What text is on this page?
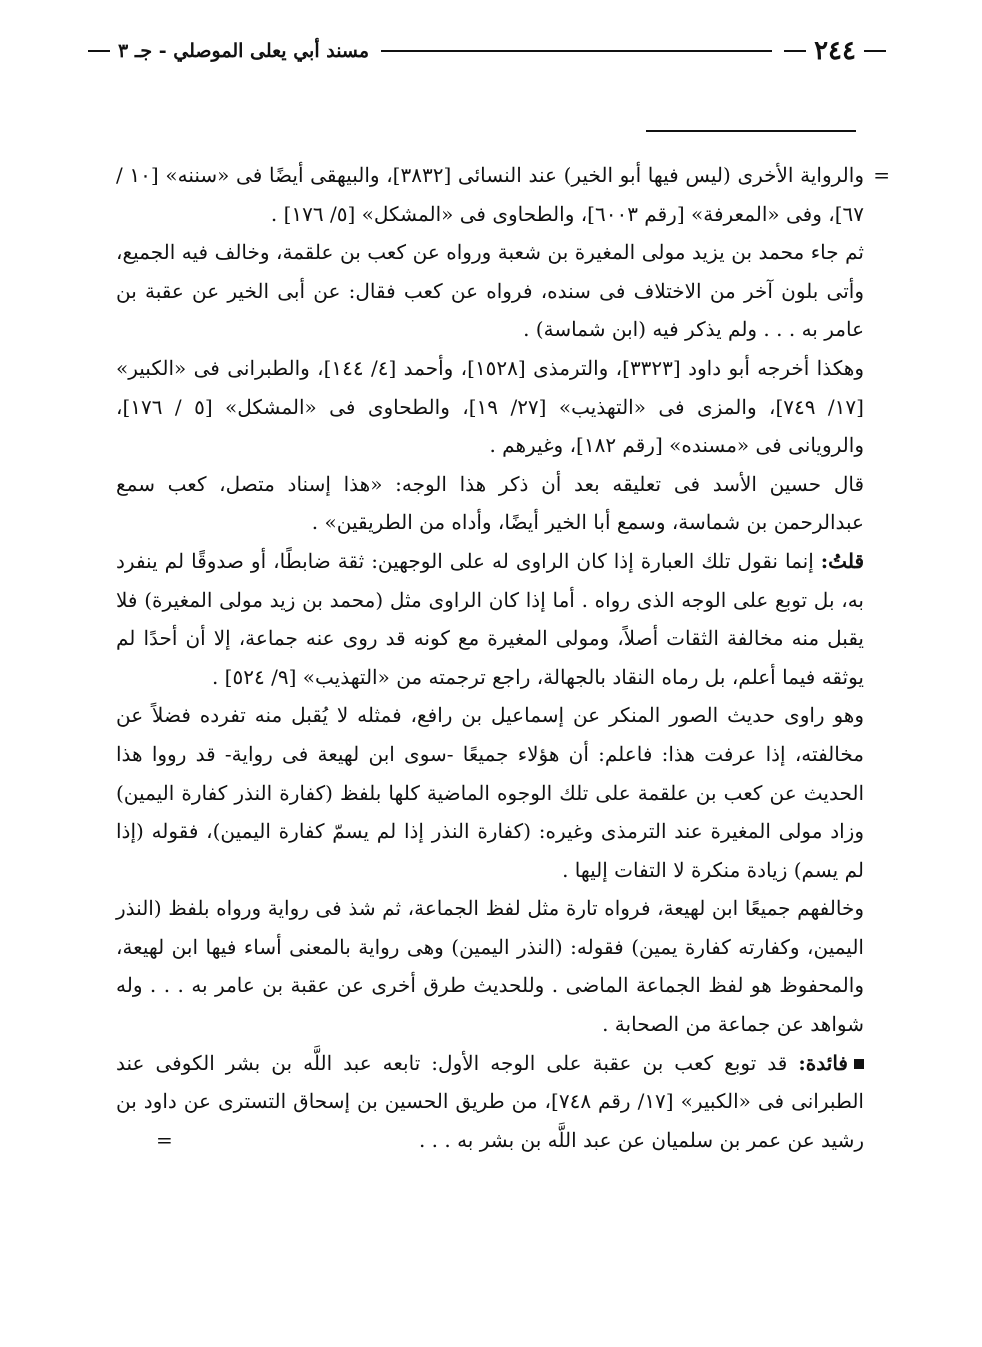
٢٤٤
مسند أبي يعلى الموصلي - جـ ٣

= والرواية الأخرى (ليس فيها أبو الخير) عند النسائى [٣٨٣٢]، والبيهقى أيضًا فى «سننه» [١٠ / ٦٧]، وفى «المعرفة» [رقم ٦٠٠٣]، والطحاوى فى «المشكل» [٥/ ١٧٦] .

ثم جاء محمد بن يزيد مولى المغيرة بن شعبة ورواه عن كعب بن علقمة، وخالف فيه الجميع، وأتى بلون آخر من الاختلاف فى سنده، فرواه عن كعب فقال: عن أبى الخير عن عقبة بن عامر به . . . ولم يذكر فيه (ابن شماسة) .

وهكذا أخرجه أبو داود [٣٣٢٣]، والترمذى [١٥٢٨]، وأحمد [٤/ ١٤٤]، والطبرانى فى «الكبير» [١٧/ ٧٤٩]، والمزى فى «التهذيب» [٢٧/ ١٩]، والطحاوى فى «المشكل» [٥ / ١٧٦]، والرويانى فى «مسنده» [رقم ١٨٢]، وغيرهم .

قال حسين الأسد فى تعليقه بعد أن ذكر هذا الوجه: «هذا إسناد متصل، كعب سمع عبدالرحمن بن شماسة، وسمع أبا الخير أيضًا، وأداه من الطريقين» .

قلتُ: إنما نقول تلك العبارة إذا كان الراوى له على الوجهين: ثقة ضابطًا، أو صدوقًا لم ينفرد به، بل توبع على الوجه الذى رواه . أما إذا كان الراوى مثل (محمد بن زيد مولى المغيرة) فلا يقبل منه مخالفة الثقات أصلاً، ومولى المغيرة مع كونه قد روى عنه جماعة، إلا أن أحدًا لم يوثقه فيما أعلم، بل رماه النقاد بالجهالة، راجع ترجمته من «التهذيب» [٩/ ٥٢٤] .

وهو راوى حديث الصور المنكر عن إسماعيل بن رافع، فمثله لا يُقبل منه تفرده فضلاً عن مخالفته، إذا عرفت هذا: فاعلم: أن هؤلاء جميعًا -سوى ابن لهيعة فى رواية- قد رووا هذا الحديث عن كعب بن علقمة على تلك الوجوه الماضية كلها بلفظ (كفارة النذر كفارة اليمين) وزاد مولى المغيرة عند الترمذى وغيره: (كفارة النذر إذا لم يسمّ كفارة اليمين)، فقوله (إذا لم يسم) زيادة منكرة لا التفات إليها .

وخالفهم جميعًا ابن لهيعة، فرواه تارة مثل لفظ الجماعة، ثم شذ فى رواية ورواه بلفظ (النذر اليمين، وكفارته كفارة يمين) فقوله: (النذر اليمين) وهى رواية بالمعنى أساء فيها ابن لهيعة، والمحفوظ هو لفظ الجماعة الماضى . وللحديث طرق أخرى عن عقبة بن عامر به . . . وله شواهد عن جماعة من الصحابة .

فائدة: قد توبع كعب بن عقبة على الوجه الأول: تابعه عبد اللَّه بن بشر الكوفى عند الطبرانى فى «الكبير» [١٧/ رقم ٧٤٨]، من طريق الحسين بن إسحاق التسترى عن داود بن رشيد عن عمر بن سلميان عن عبد اللَّه بن بشر به . . . =
